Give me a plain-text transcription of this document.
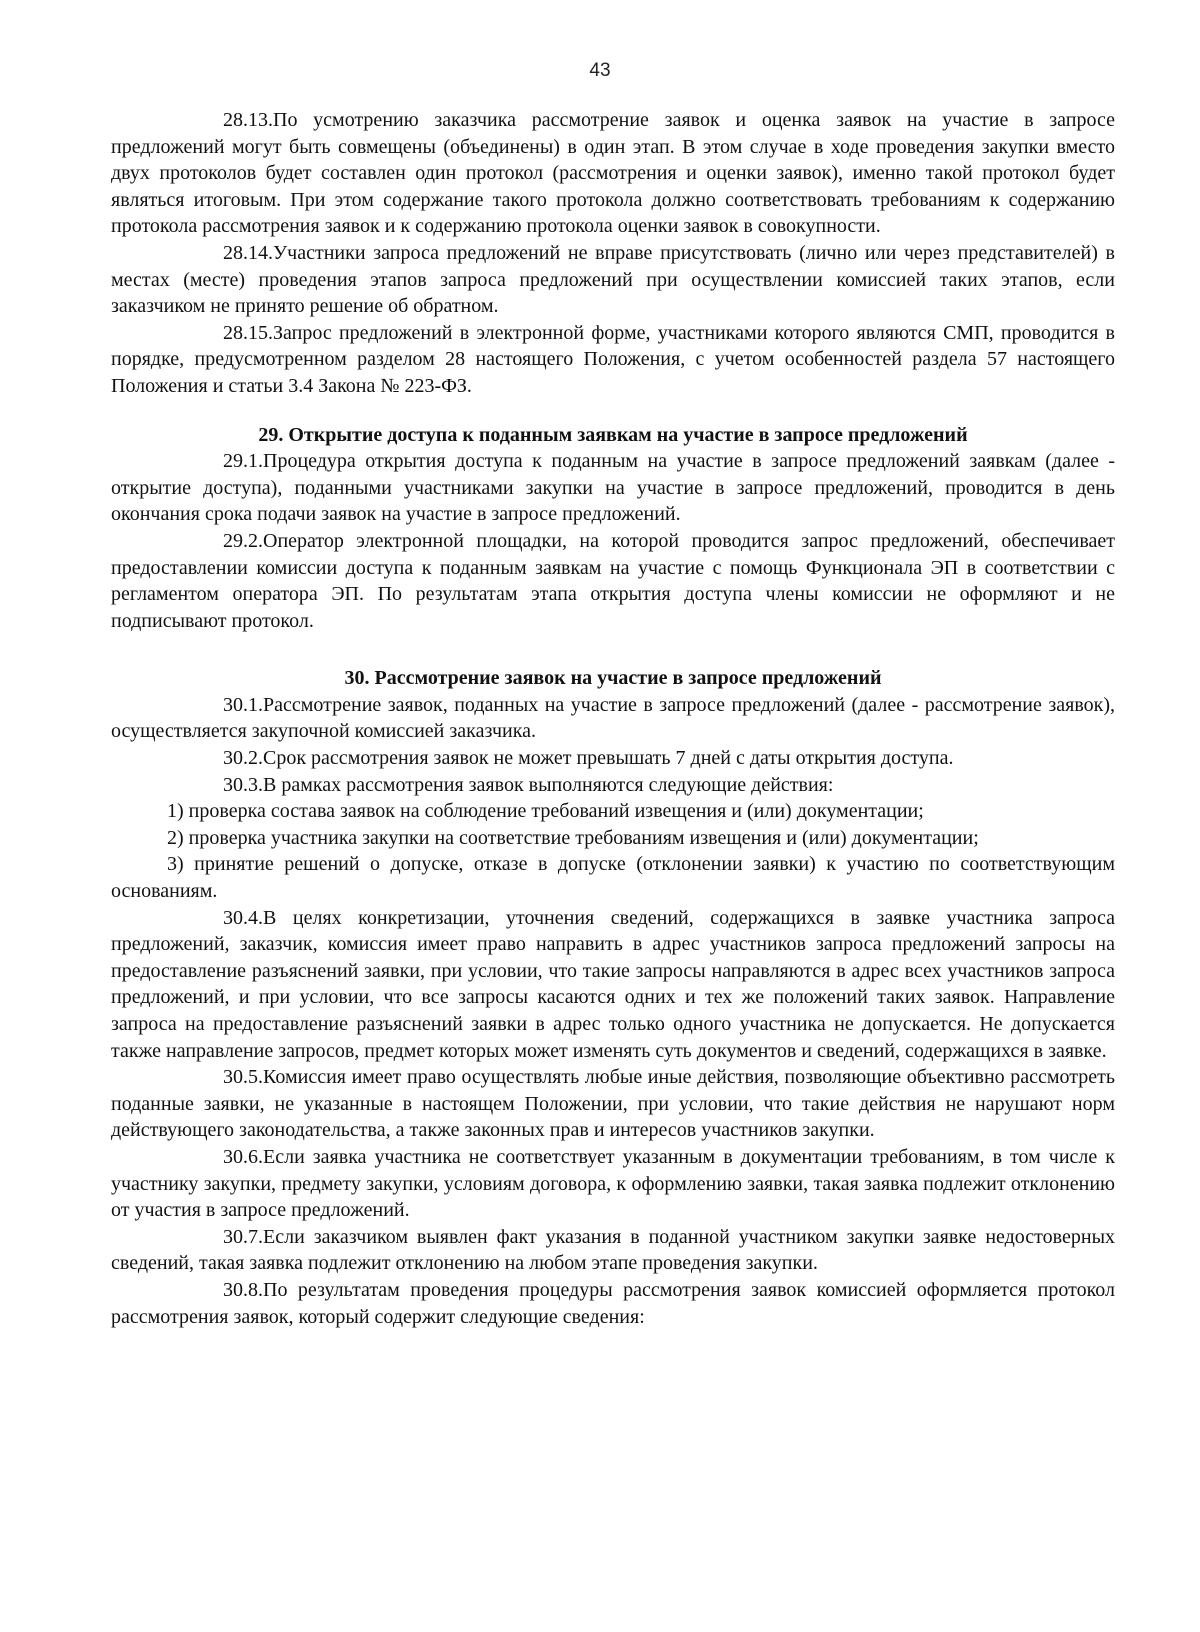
43

28.13.По усмотрению заказчика рассмотрение заявок и оценка заявок на участие в запросе предложений могут быть совмещены (объединены) в один этап. В этом случае в ходе проведения закупки вместо двух протоколов будет составлен один протокол (рассмотрения и оценки заявок), именно такой протокол будет являться итоговым. При этом содержание такого протокола должно соответствовать требованиям к содержанию протокола рассмотрения заявок и к содержанию протокола оценки заявок в совокупности.

28.14.Участники запроса предложений не вправе присутствовать (лично или через представителей) в местах (месте) проведения этапов запроса предложений при осуществлении комиссией таких этапов, если заказчиком не принято решение об обратном.

28.15.Запрос предложений в электронной форме, участниками которого являются СМП, проводится в порядке, предусмотренном разделом 28 настоящего Положения, с учетом особенностей раздела 57 настоящего Положения и статьи 3.4 Закона № 223-ФЗ.

29. Открытие доступа к поданным заявкам на участие в запросе предложений

29.1.Процедура открытия доступа к поданным на участие в запросе предложений заявкам (далее - открытие доступа), поданными участниками закупки на участие в запросе предложений, проводится в день окончания срока подачи заявок на участие в запросе предложений.

29.2.Оператор электронной площадки, на которой проводится запрос предложений, обеспечивает предоставлении комиссии доступа к поданным заявкам на участие с помощь Функционала ЭП в соответствии с регламентом оператора ЭП. По результатам этапа открытия доступа члены комиссии не оформляют и не подписывают протокол.

30. Рассмотрение заявок на участие в запросе предложений

30.1.Рассмотрение заявок, поданных на участие в запросе предложений (далее - рассмотрение заявок), осуществляется закупочной комиссией заказчика.

30.2.Срок рассмотрения заявок не может превышать 7 дней с даты открытия доступа.

30.3.В рамках рассмотрения заявок выполняются следующие действия:

1) проверка состава заявок на соблюдение требований извещения и (или) документации;

2) проверка участника закупки на соответствие требованиям извещения и (или) документации;

3) принятие решений о допуске, отказе в допуске (отклонении заявки) к участию по соответствующим основаниям.

30.4.В целях конкретизации, уточнения сведений, содержащихся в заявке участника запроса предложений, заказчик, комиссия имеет право направить в адрес участников запроса предложений запросы на предоставление разъяснений заявки, при условии, что такие запросы направляются в адрес всех участников запроса предложений, и при условии, что все запросы касаются одних и тех же положений таких заявок. Направление запроса на предоставление разъяснений заявки в адрес только одного участника не допускается. Не допускается также направление запросов, предмет которых может изменять суть документов и сведений, содержащихся в заявке.

30.5.Комиссия имеет право осуществлять любые иные действия, позволяющие объективно рассмотреть поданные заявки, не указанные в настоящем Положении, при условии, что такие действия не нарушают норм действующего законодательства, а также законных прав и интересов участников закупки.

30.6.Если заявка участника не соответствует указанным в документации требованиям, в том числе к участнику закупки, предмету закупки, условиям договора, к оформлению заявки, такая заявка подлежит отклонению от участия в запросе предложений.

30.7.Если заказчиком выявлен факт указания в поданной участником закупки заявке недостоверных сведений, такая заявка подлежит отклонению на любом этапе проведения закупки.

30.8.По результатам проведения процедуры рассмотрения заявок комиссией оформляется протокол рассмотрения заявок, который содержит следующие сведения:
